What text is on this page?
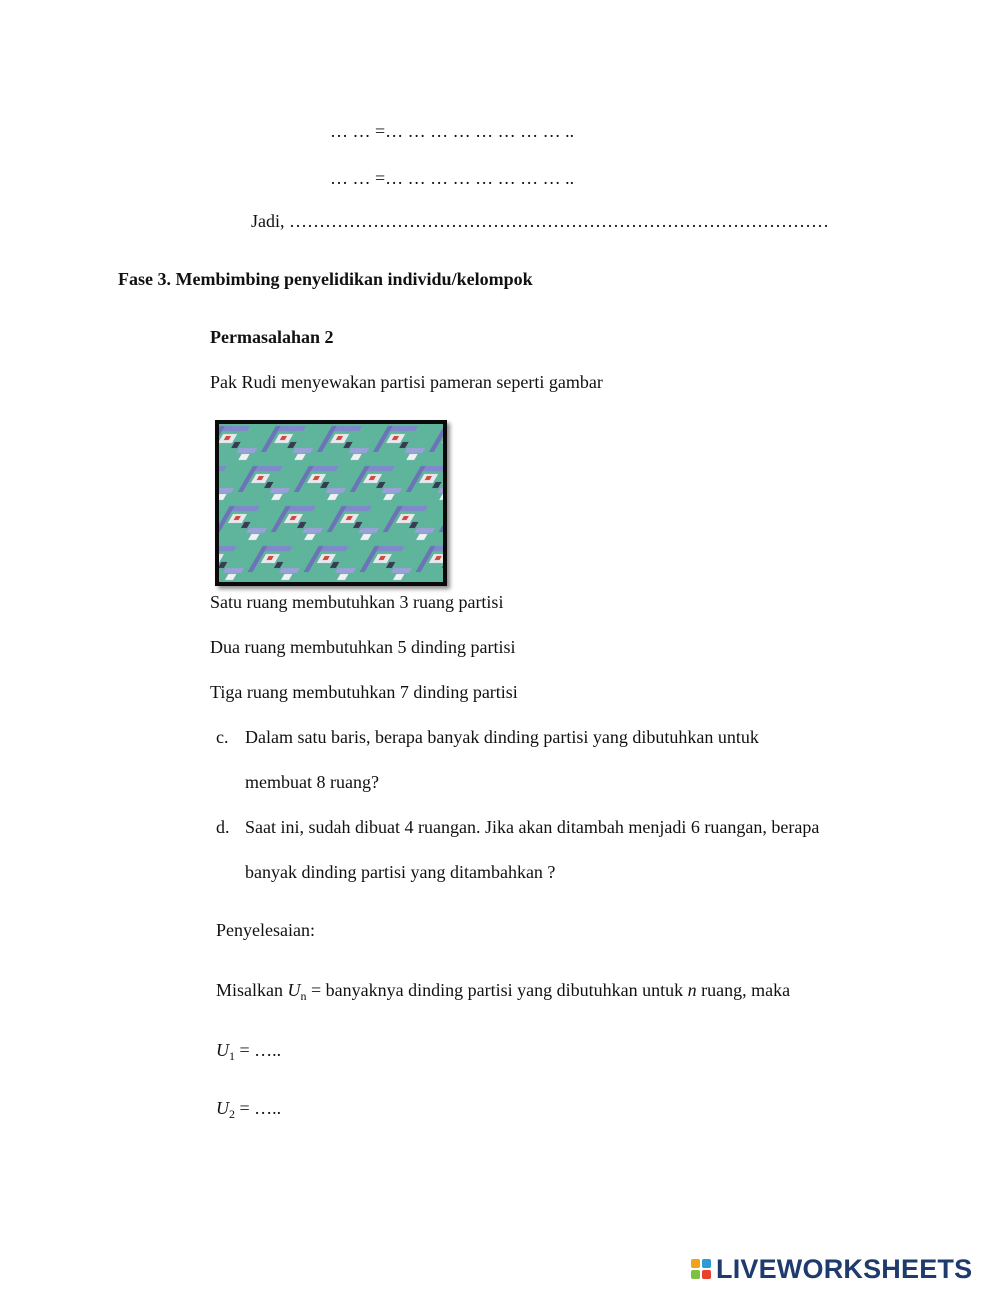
… … =… … … … … … … … ..
… … =… … … … … … … … ..
Jadi, ………………………………………………………………………………
Fase 3. Membimbing penyelidikan individu/kelompok
Permasalahan 2
Pak Rudi menyewakan partisi pameran seperti gambar
Satu ruang membutuhkan 3 ruang partisi
Dua ruang membutuhkan 5 dinding partisi
Tiga ruang membutuhkan 7 dinding partisi
c. Dalam satu baris, berapa banyak dinding partisi yang dibutuhkan untuk
membuat 8 ruang?
d. Saat ini, sudah dibuat 4 ruangan. Jika akan ditambah menjadi 6 ruangan, berapa
banyak dinding partisi yang ditambahkan ?
Penyelesaian:
Misalkan $U_n$ = banyaknya dinding partisi yang dibutuhkan untuk n ruang, maka
$U_1$ = …..
$U_2$ = …..
LIVEWORKSHEETS
